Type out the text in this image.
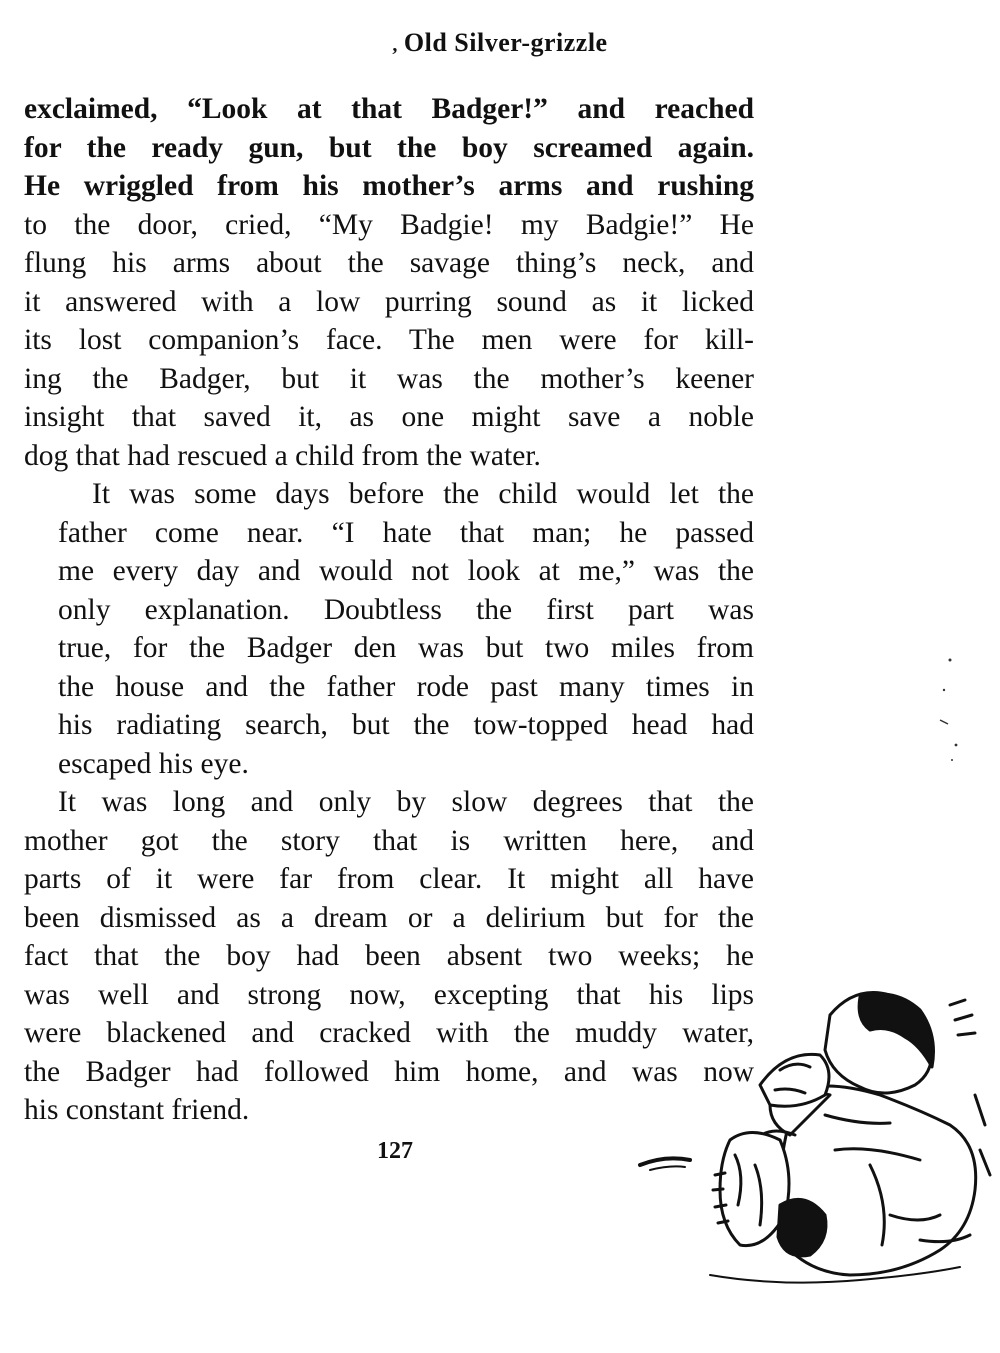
, Old Silver-grizzle

exclaimed, “Look at that Badger!” and reached
for the ready gun, but the boy screamed again.
He wriggled from his mother’s arms and rushing
to the door, cried, “My Badgie! my Badgie!” He
flung his arms about the savage thing’s neck, and
it answered with a low purring sound as it licked
its lost companion’s face. The men were for kill-
ing the Badger, but it was the mother’s keener
insight that saved it, as one might save a noble
dog that had rescued a child from the water.

It was some days before the child would let the
father come near. “I hate that man; he passed
me every day and would not look at me,” was the
only explanation. Doubtless the first part was
true, for the Badger den was but two miles from
the house and the father rode past many times in
his radiating search, but the tow-topped head had
escaped his eye.

It was long and only by slow degrees that the
mother got the story that is written here, and
parts of it were far from clear. It might all have
been dismissed as a dream or a delirium but for the
fact that the boy had been absent two weeks; he
was well and strong now, excepting that his lips
were blackened and cracked with the muddy water,
the Badger had followed him home, and was now
his constant friend.

127
